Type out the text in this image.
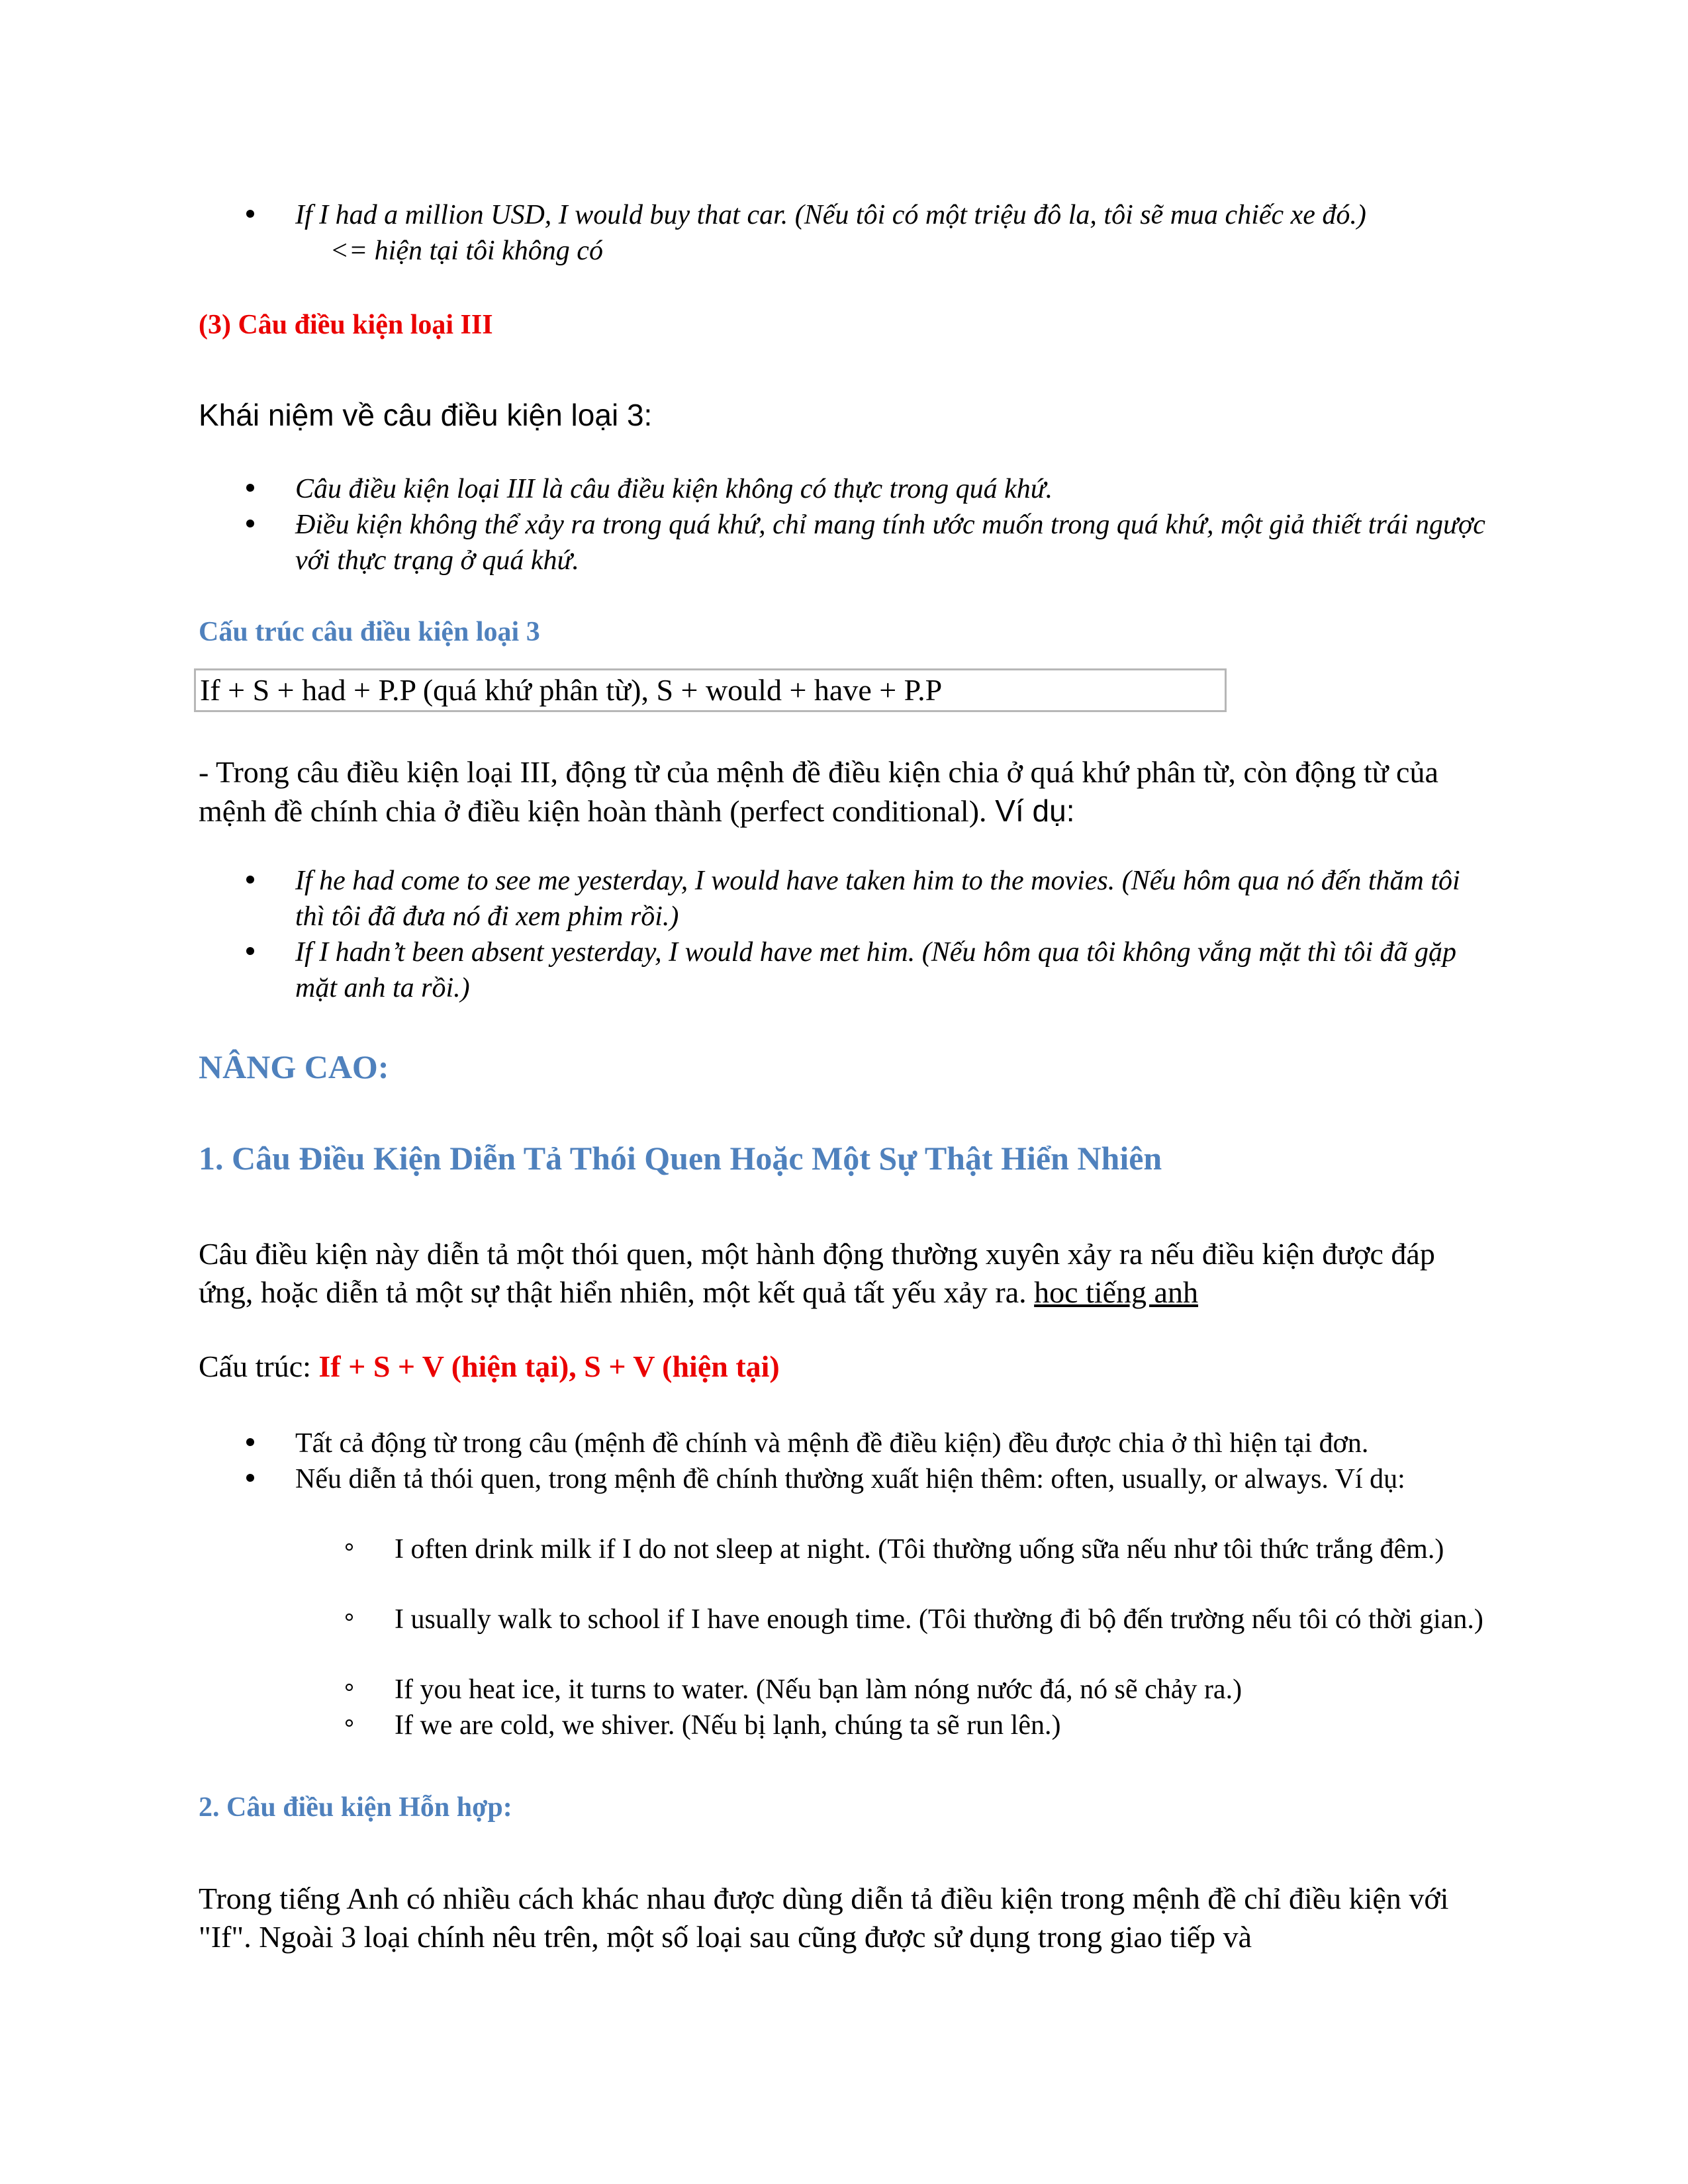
If I had a million USD, I would buy that car. (Nếu tôi có một triệu đô la, tôi sẽ mua chiếc xe đó.)     <= hiện tại tôi không có
(3) Câu điều kiện loại III
Khái niệm về câu điều kiện loại 3:
Câu điều kiện loại III là câu điều kiện không có thực trong quá khứ.
Điều kiện không thể xảy ra trong quá khứ, chỉ mang tính ước muốn trong quá khứ, một giả thiết trái ngược với thực trạng ở quá khứ.
Cấu trúc câu điều kiện loại 3
If + S + had + P.P (quá khứ phân từ), S + would + have + P.P
- Trong câu điều kiện loại III, động từ của mệnh đề điều kiện chia ở quá khứ phân từ, còn động từ của mệnh đề chính chia ở điều kiện hoàn thành (perfect conditional). Ví dụ:
If he had come to see me yesterday, I would have taken him to the movies. (Nếu hôm qua nó đến thăm tôi thì tôi đã đưa nó đi xem phim rồi.)
If I hadn’t been absent yesterday, I would have met him. (Nếu hôm qua tôi không vắng mặt thì tôi đã gặp mặt anh ta rồi.)
NÂNG CAO:
1. Câu Điều Kiện Diễn Tả Thói Quen Hoặc Một Sự Thật Hiển Nhiên
Câu điều kiện này diễn tả một thói quen, một hành động thường xuyên xảy ra nếu điều kiện được đáp ứng, hoặc diễn tả một sự thật hiển nhiên, một kết quả tất yếu xảy ra. hoc tiếng anh
Cấu trúc: If + S + V (hiện tại), S + V (hiện tại)
Tất cả động từ trong câu (mệnh đề chính và mệnh đề điều kiện) đều được chia ở thì hiện tại đơn.
Nếu diễn tả thói quen, trong mệnh đề chính thường xuất hiện thêm: often, usually, or always. Ví dụ:
I often drink milk if I do not sleep at night. (Tôi thường uống sữa nếu như tôi thức trắng đêm.)
I usually walk to school if I have enough time. (Tôi thường đi bộ đến trường nếu tôi có thời gian.)
If you heat ice, it turns to water. (Nếu bạn làm nóng nước đá, nó sẽ chảy ra.)
If we are cold, we shiver. (Nếu bị lạnh, chúng ta sẽ run lên.)
2. Câu điều kiện Hỗn hợp:
Trong tiếng Anh có nhiều cách khác nhau được dùng diễn tả điều kiện trong mệnh đề chỉ điều kiện với "If". Ngoài 3 loại chính nêu trên, một số loại sau cũng được sử dụng trong giao tiếp và
